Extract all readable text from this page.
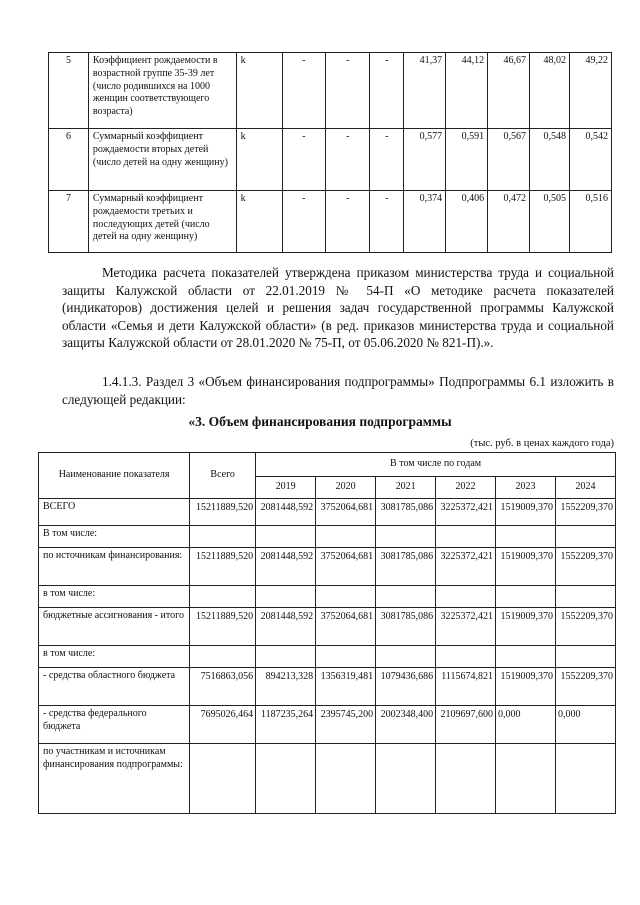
5	Коэффициент рождаемости в возрастной группе 35-39 лет (число родившихся на 1000 женщин соответствующего возраста)	k	-	-	-	41,37	44,12	46,67	48,02	49,22
6	Суммарный коэффициент рождаемости вторых детей (число детей на одну женщину)	k	-	-	-	0,577	0,591	0,567	0,548	0,542
7	Суммарный коэффициент рождаемости третьих и последующих детей (число детей на одну женщину)	k	-	-	-	0,374	0,406	0,472	0,505	0,516
Методика расчета показателей утверждена приказом министерства труда и социальной защиты Калужской области от 22.01.2019 № 54-П «О методике расчета показателей (индикаторов) достижения целей и решения задач государственной программы Калужской области «Семья и дети Калужской области» (в ред. приказов министерства труда и социальной защиты Калужской области от 28.01.2020 № 75-П, от 05.06.2020 № 821-П).».
1.4.1.3. Раздел 3 «Объем финансирования подпрограммы» Подпрограммы 6.1 изложить в следующей редакции:
«3. Объем финансирования подпрограммы
(тыс. руб. в ценах каждого года)
Наименование показателя	Всего	В том числе по годам					
		2019	2020	2021	2022	2023	2024
ВСЕГО	15211889,520	2081448,592	3752064,681	3081785,086	3225372,421	1519009,370	1552209,370
В том числе:							
по источникам финансирования:	15211889,520	2081448,592	3752064,681	3081785,086	3225372,421	1519009,370	1552209,370
в том числе:							
бюджетные ассигнования - итого	15211889,520	2081448,592	3752064,681	3081785,086	3225372,421	1519009,370	1552209,370
в том числе:							
- средства областного бюджета	7516863,056	894213,328	1356319,481	1079436,686	1115674,821	1519009,370	1552209,370
- средства федерального бюджета	7695026,464	1187235,264	2395745,200	2002348,400	2109697,600	0,000	0,000
по участникам и источникам финансирования подпрограммы:							
